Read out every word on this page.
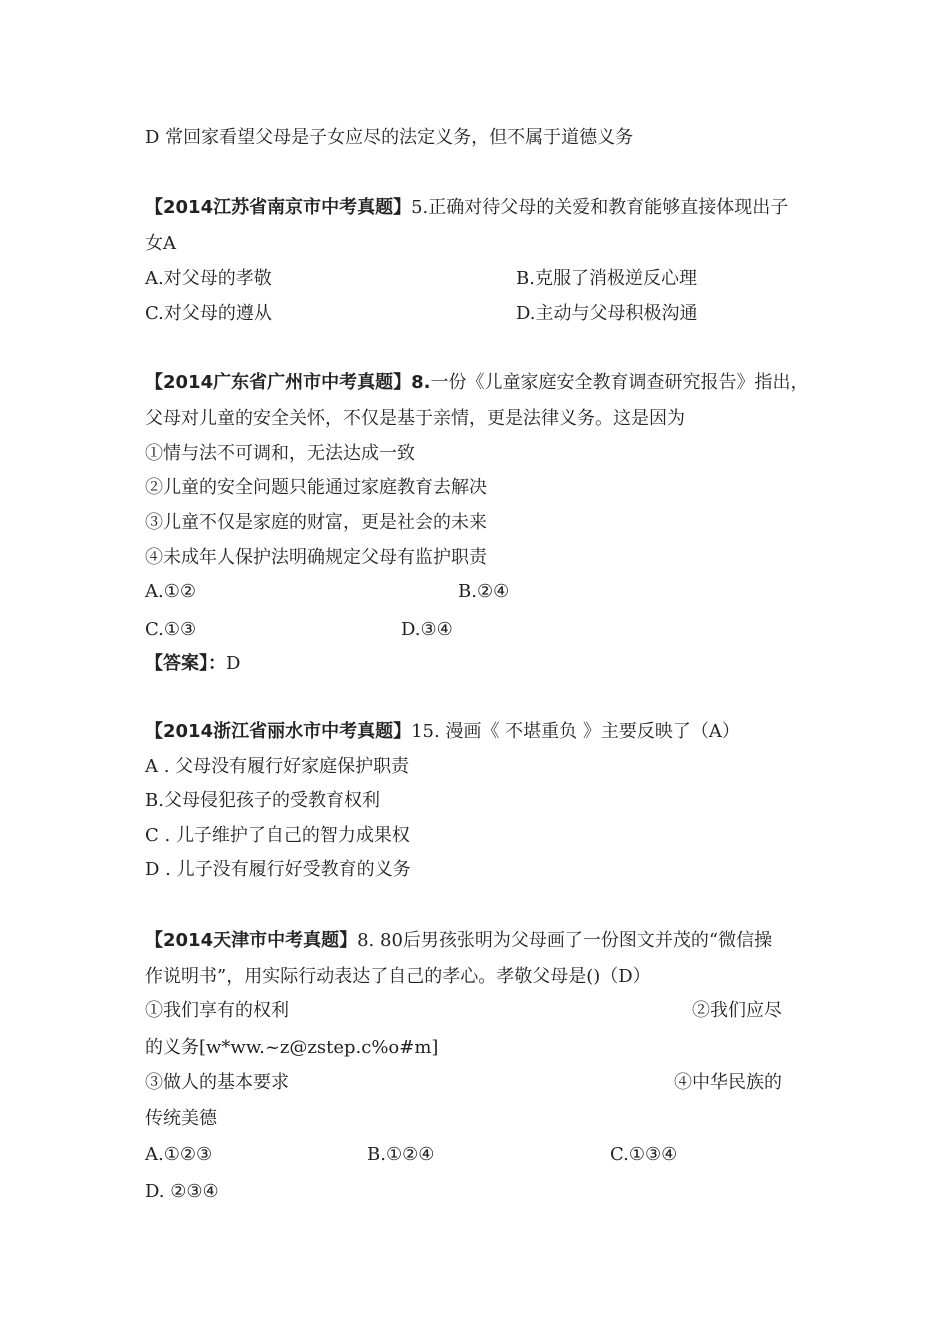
D 常回家看望父母是子女应尽的法定义务，但不属于道德义务
【2014江苏省南京市中考真题】5.正确对待父母的关爱和教育能够直接体现出子
女A
A.对父母的孝敬	B.克服了消极逆反心理
C.对父母的遵从	D.主动与父母积极沟通
【2014广东省广州市中考真题】8.一份《儿童家庭安全教育调查研究报告》指出，
父母对儿童的安全关怀，不仅是基于亲情，更是法律义务。这是因为
①情与法不可调和，无法达成一致
②儿童的安全问题只能通过家庭教育去解决
③儿童不仅是家庭的财富，更是社会的未来
④未成年人保护法明确规定父母有监护职责
A.①②	B.②④
C.①③	D.③④
【答案】：D
【2014浙江省丽水市中考真题】15. 漫画《 不堪重负 》主要反映了（A）
A . 父母没有履行好家庭保护职责
B.父母侵犯孩子的受教育权利
C . 儿子维护了自己的智力成果权
D . 儿子没有履行好受教育的义务
【2014天津市中考真题】8. 80后男孩张明为父母画了一份图文并茂的“微信操
作说明书”，用实际行动表达了自己的孝心。孝敬父母是()（D）
①我们享有的权利	②我们应尽
的义务[w*ww.~z@zstep.c%o#m]
③做人的基本要求	④中华民族的
传统美德
A.①②③	B.①②④	C.①③④
D. ②③④
